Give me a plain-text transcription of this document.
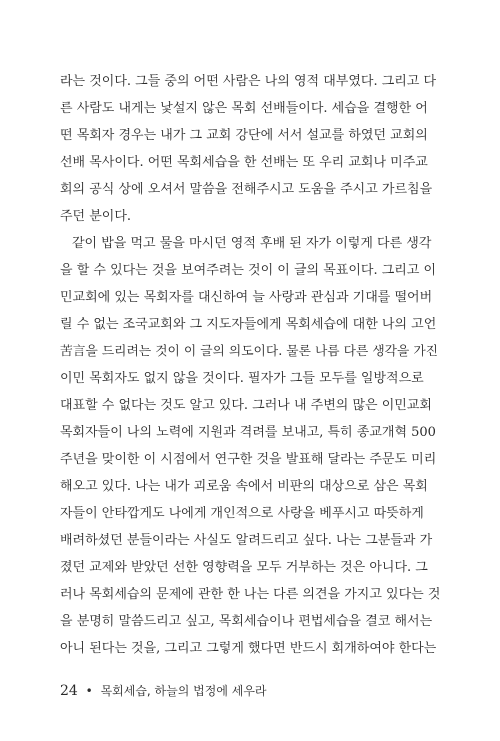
라는 것이다. 그들 중의 어떤 사람은 나의 영적 대부였다. 그리고 다
른 사람도 내게는 낯설지 않은 목회 선배들이다. 세습을 결행한 어
떤 목회자 경우는 내가 그 교회 강단에 서서 설교를 하였던 교회의
선배 목사이다. 어떤 목회세습을 한 선배는 또 우리 교회나 미주교
회의 공식 상에 오셔서 말씀을 전해주시고 도움을 주시고 가르침을
주던 분이다.
같이 밥을 먹고 물을 마시던 영적 후배 된 자가 이렇게 다른 생각
을 할 수 있다는 것을 보여주려는 것이 이 글의 목표이다. 그리고 이
민교회에 있는 목회자를 대신하여 늘 사랑과 관심과 기대를 떨어버
릴 수 없는 조국교회와 그 지도자들에게 목회세습에 대한 나의 고언
苦言을 드리려는 것이 이 글의 의도이다. 물론 나름 다른 생각을 가진
이민 목회자도 없지 않을 것이다. 필자가 그들 모두를 일방적으로
대표할 수 없다는 것도 알고 있다. 그러나 내 주변의 많은 이민교회
목회자들이 나의 노력에 지원과 격려를 보내고, 특히 종교개혁 500
주년을 맞이한 이 시점에서 연구한 것을 발표해 달라는 주문도 미리
해오고 있다. 나는 내가 괴로움 속에서 비판의 대상으로 삼은 목회
자들이 안타깝게도 나에게 개인적으로 사랑을 베푸시고 따뜻하게
배려하셨던 분들이라는 사실도 알려드리고 싶다. 나는 그분들과 가
졌던 교제와 받았던 선한 영향력을 모두 거부하는 것은 아니다. 그
러나 목회세습의 문제에 관한 한 나는 다른 의견을 가지고 있다는 것
을 분명히 말씀드리고 싶고, 목회세습이나 편법세습을 결코 해서는
아니 된다는 것을, 그리고 그렇게 했다면 반드시 회개하여야 한다는
24 • 목회세습, 하늘의 법정에 세우라
